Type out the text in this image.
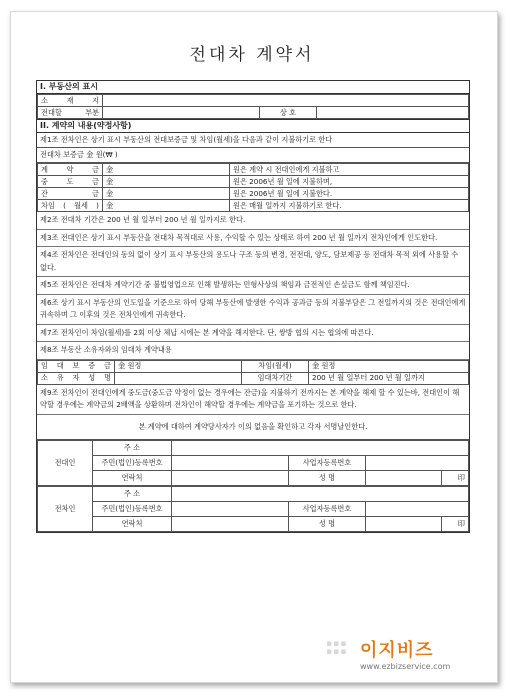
전대차 계약서
I. 부동산의 표시
소 재 지			
전대할 부분		상 호	
II. 계약의 내용(약정사항)
제1조 전차인은 상기 표시 부동산의 전대보증금 및 차임(월세)을 다음과 같이 지불하기로 한다
전대차 보증금 金 원(₩ )
계 약 금	金	원은 계약 시 전대인에게 지불하고
중 도 금	金	원은 2006년 월 일에 지불하며,
잔 금	金	원은 2006년 월 일에 지불한다.
차임 ( 월세 )	金	원은 매월 일까지 지불하기로 한다.
제2조 전대차 기간은 200 년 월 일부터 200 년 월 일까지로 한다.
제3조 전대인은 상기 표시 부동산을 전대차 목적대로 사용, 수익할 수 있는 상태로 하여 200 년 월 일까지 전차인에게 인도한다.
제4조 전차인은 전대인의 동의 없이 상기 표시 부동산의 용도나 구조 등의 변경, 전전대, 양도, 담보제공 등 전대차 목적 외에 사용할 수 없다.
제5조 전차인은 전대차 계약기간 중 불법영업으로 인해 발생하는 민형사상의 책임과 금전적인 손실금도 함께 책임진다.
제6조 상기 표시 부동산의 인도일을 기준으로 하여 당해 부동산에 발생한 수익과 공과금 등의 지불부담은 그 전일까지의 것은 전대인에게 귀속하며 그 이후의 것은 전차인에게 귀속한다.
제7조 전차인이 차임(월세)를 2회 이상 체납 시에는 본 계약을 해지한다. 단, 쌍방 협의 시는 협의에 따른다.
제8조 부동산 소유자와의 임대차 계약내용
임 대 보 증 금	金 원정	차임(월세)	金 원정
소 유 자 성 명		임대차기간	200 년 월 일부터 200 년 월 일까지
제9조 전차인이 전대인에게 중도금(중도금 약정이 없는 경우에는 잔금)을 지불하기 전까지는 본 계약을 해제 할 수 있는바, 전대인이 해약할 경우에는 계약금의 2배액을 상환하며 전차인이 해약할 경우에는 계약금을 포기하는 것으로 한다.
본 계약에 대하여 계약당사자가 이의 없음을 확인하고 각자 서명날인한다.
전대인	주 소				
	주민(법인)등록번호		사업자등록번호		
	연락처		성 명		印
전차인	주 소				
	주민(법인)등록번호		사업자등록번호		
	연락처		성 명		印
▪▪▪
▪▪▪ 이지비즈
www.ezbizservice.com
